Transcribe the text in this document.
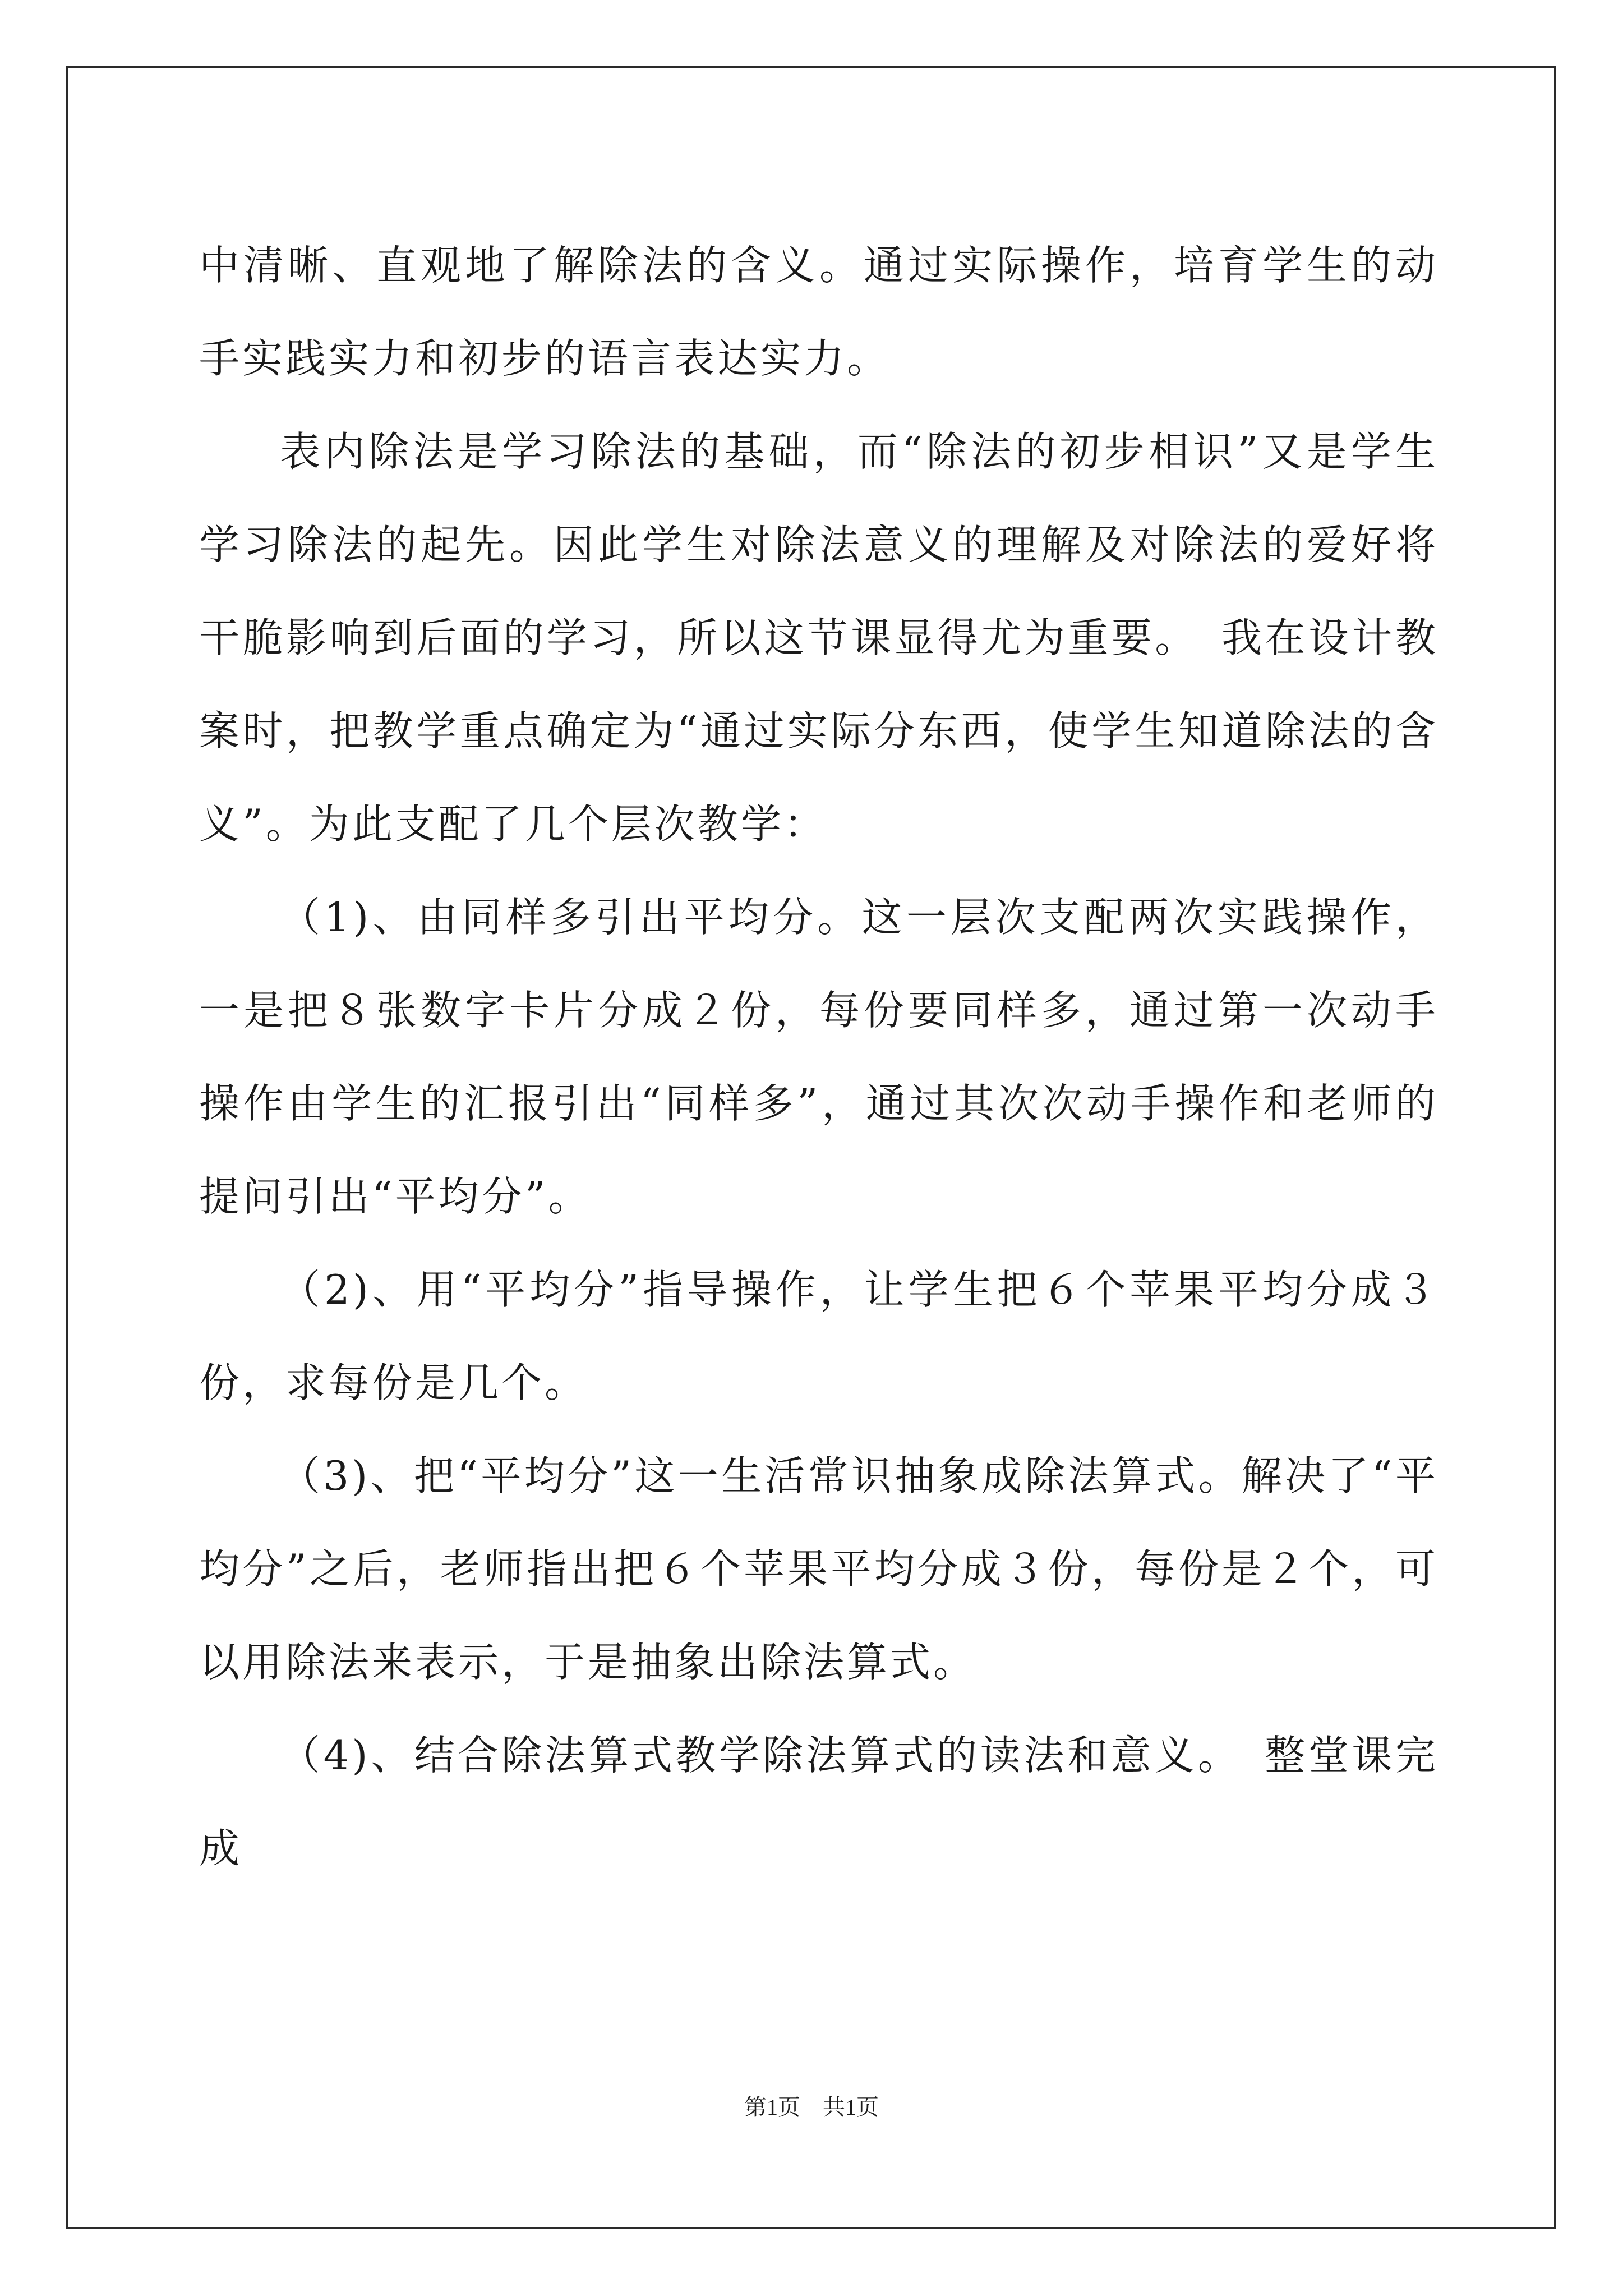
中清晰、直观地了解除法的含义。通过实际操作，培育学生的动手实践实力和初步的语言表达实力。

表内除法是学习除法的基础，而“除法的初步相识”又是学生学习除法的起先。因此学生对除法意义的理解及对除法的爱好将干脆影响到后面的学习，所以这节课显得尤为重要。　我在设计教案时，把教学重点确定为“通过实际分东西，使学生知道除法的含义”。为此支配了几个层次教学：

（1)、由同样多引出平均分。这一层次支配两次实践操作，一是把８张数字卡片分成２份，每份要同样多，通过第一次动手操作由学生的汇报引出“同样多”，通过其次次动手操作和老师的提问引出“平均分”。

（2)、用“平均分”指导操作，让学生把６个苹果平均分成３份，求每份是几个。

（3)、把“平均分”这一生活常识抽象成除法算式。解决了“平均分”之后，老师指出把６个苹果平均分成３份，每份是２个，可以用除法来表示，于是抽象出除法算式。

（4)、结合除法算式教学除法算式的读法和意义。　整堂课完成

第1页　共1页
